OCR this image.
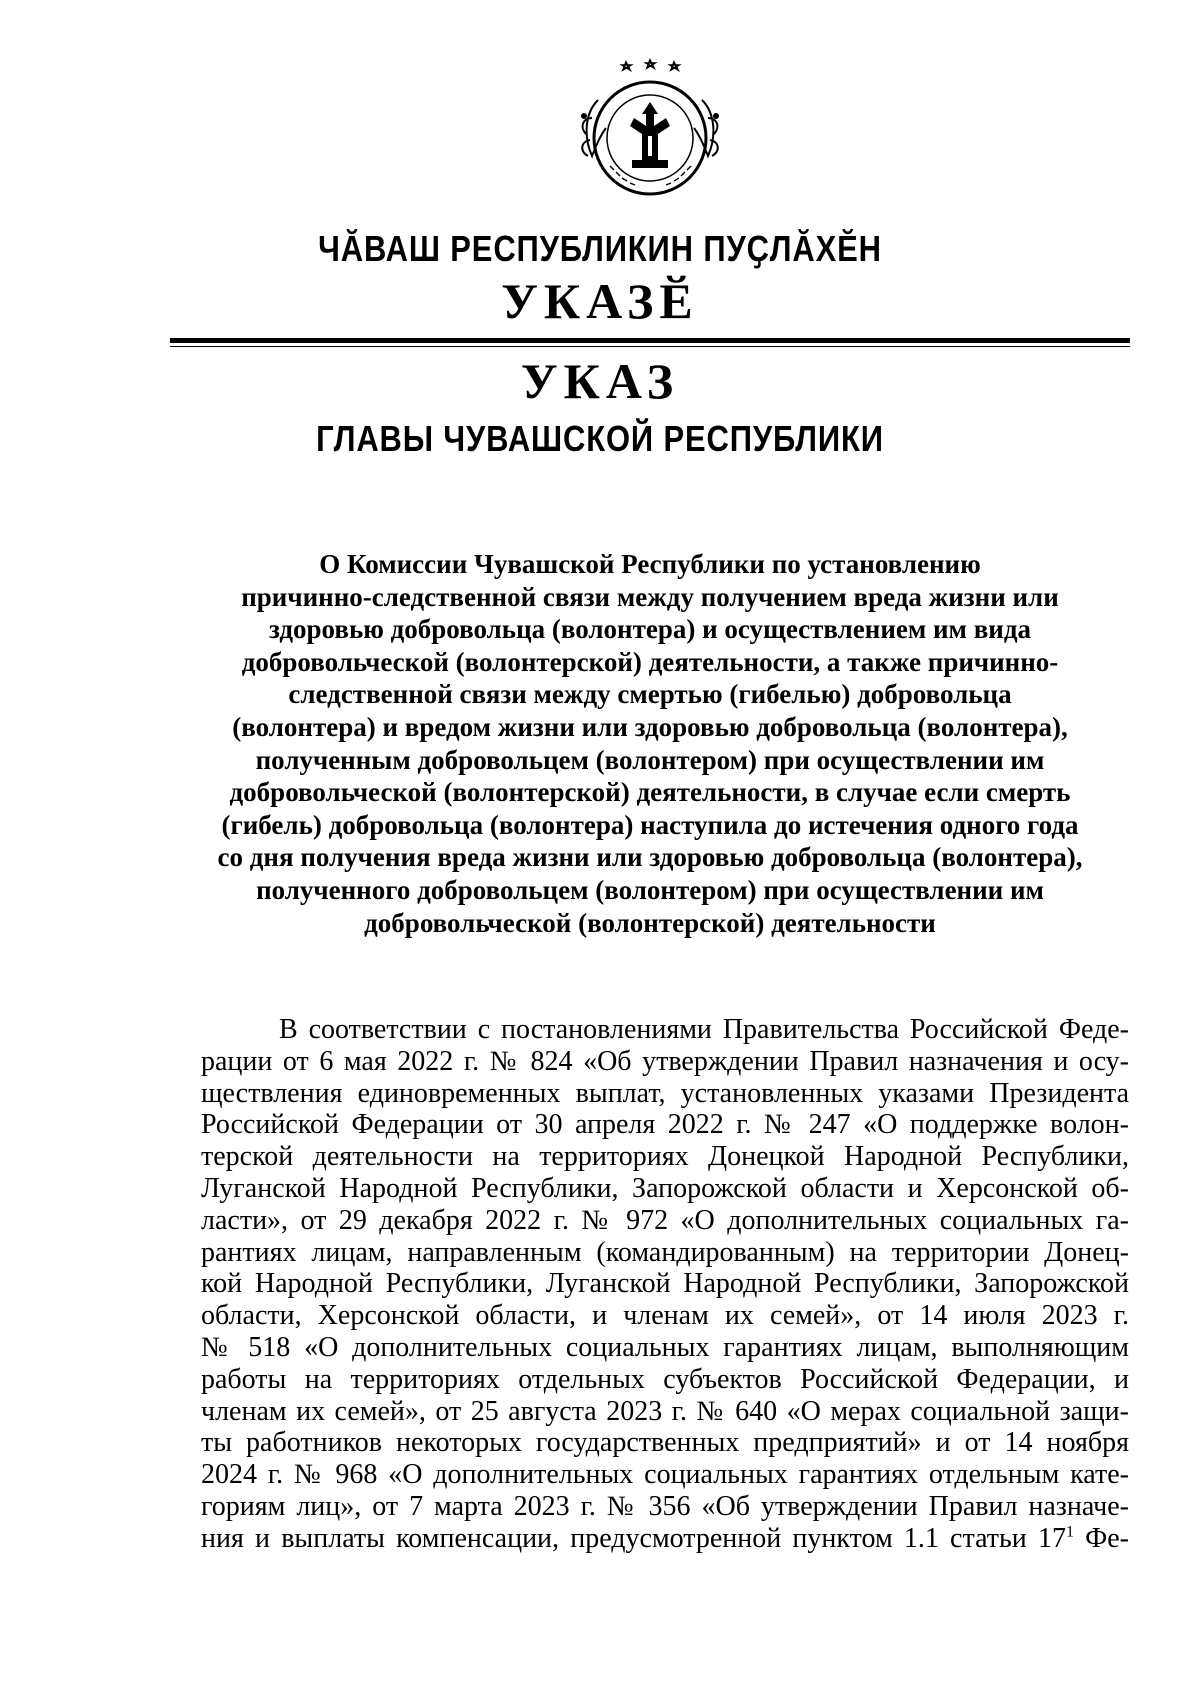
ЧӐВАШ РЕСПУБЛИКИН ПУҪЛӐХӖН
УКАЗӖ
УКАЗ
ГЛАВЫ ЧУВАШСКОЙ РЕСПУБЛИКИ
О Комиссии Чувашской Республики по установлению
причинно-следственной связи между получением вреда жизни или
здоровью добровольца (волонтера) и осуществлением им вида
добровольческой (волонтерской) деятельности, а также причинно-
следственной связи между смертью (гибелью) добровольца
(волонтера) и вредом жизни или здоровью добровольца (волонтера),
полученным добровольцем (волонтером) при осуществлении им
добровольческой (волонтерской) деятельности, в случае если смерть
(гибель) добровольца (волонтера) наступила до истечения одного года
со дня получения вреда жизни или здоровью добровольца (волонтера),
полученного добровольцем (волонтером) при осуществлении им
добровольческой (волонтерской) деятельности
В соответствии с постановлениями Правительства Российской Феде-
рации от 6 мая 2022 г. № 824 «Об утверждении Правил назначения и осу-
ществления единовременных выплат, установленных указами Президента
Российской Федерации от 30 апреля 2022 г. № 247 «О поддержке волон-
терской деятельности на территориях Донецкой Народной Республики,
Луганской Народной Республики, Запорожской области и Херсонской об-
ласти», от 29 декабря 2022 г. № 972 «О дополнительных социальных га-
рантиях лицам, направленным (командированным) на территории Донец-
кой Народной Республики, Луганской Народной Республики, Запорожской
области, Херсонской области, и членам их семей», от 14 июля 2023 г.
№ 518 «О дополнительных социальных гарантиях лицам, выполняющим
работы на территориях отдельных субъектов Российской Федерации, и
членам их семей», от 25 августа 2023 г. № 640 «О мерах социальной защи-
ты работников некоторых государственных предприятий» и от 14 ноября
2024 г. № 968 «О дополнительных социальных гарантиях отдельным кате-
гориям лиц», от 7 марта 2023 г. № 356 «Об утверждении Правил назначе-
ния и выплаты компенсации, предусмотренной пунктом 1.1 статьи $17^1$ Фе-
